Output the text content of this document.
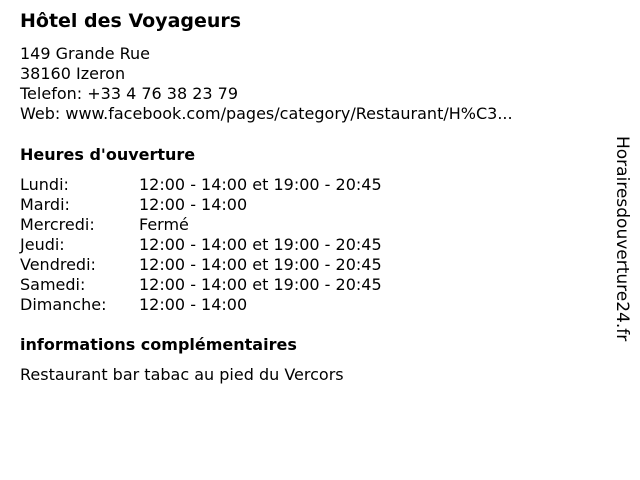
Hôtel des Voyageurs
149 Grande Rue
38160 Izeron
Telefon: +33 4 76 38 23 79
Web: www.facebook.com/pages/category/Restaurant/H%C3...
Heures d'ouverture
Lundi:	12:00 - 14:00 et 19:00 - 20:45
Mardi:	12:00 - 14:00
Mercredi:	Fermé
Jeudi:	12:00 - 14:00 et 19:00 - 20:45
Vendredi:	12:00 - 14:00 et 19:00 - 20:45
Samedi:	12:00 - 14:00 et 19:00 - 20:45
Dimanche: 12:00 - 14:00
informations complémentaires
Restaurant bar tabac au pied du Vercors
Horairesdouverture24.fr
